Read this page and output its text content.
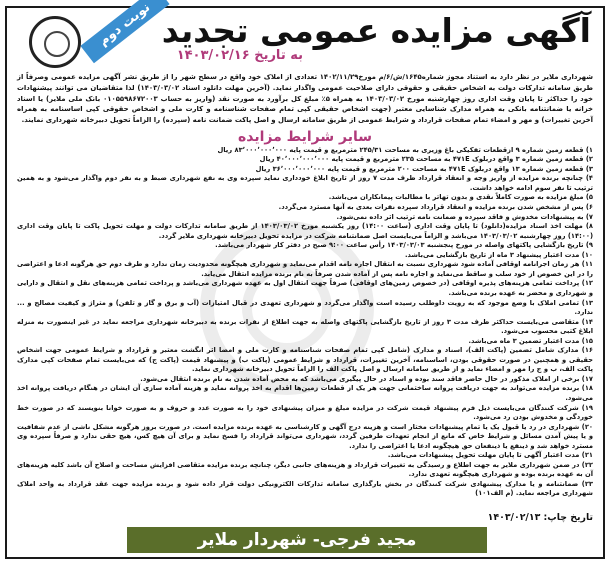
آگهی مزایده عمومی تجدید
به تاریخ ۱۴۰۳/۰۲/۱۶
نوبت دوم
شهرداری ملایر در نظر دارد به استناد مجوز شماره۱۶۴۵/ش/۶/م مورخ۱۴۰۲/۱۱/۲۹ تعدادی از املاک خود واقع در سطح شهر را از طریق نشر آگهی مزایده عمومی وصرفاً از طریق سامانه تدارکات دولت به اشخاص حقیقی و حقوقی دارای صلاحیت عمومی واگذار نماید. (آخرین مهلت دانلود اسناد ۱۴۰۳/۰۳/۰۲) لذا متقاضیان می توانند پیشنهادات خود را حداکثر تا پایان وقت اداری روز چهارشنبه مورخ ۱۴۰۳/۰۳/۰۲ به همراه ۵٪ مبلغ کل برآورد به صورت نقد (واریز به حساب ۰۱۰۵۵۹۸۶۷۲۰۰۳ بانک ملی ملایر) یا اسناد خزانه یا ضمانتنامه بانکی به همراه مدارک شناسایی معتبر (جهت اشخاص حقیقی کپی تمام صفحات شناسنامه و کارت ملی و اشخاص حقوقی کپی اساسنامه به همراه آخرین تغییرات) و مهر و امضاء تمام صفحات قرارداد و شرایط عمومی از طریق سامانه ارسال و اصل پاکت ضمانت نامه (سپرده) را الزاماً تحویل دبیرخانه شهرداری نمایند.
سایر شرایط مزایده
۱) قطعه زمین شماره ۹ ازقطعات تفکیکی باغ وزیری به مساحت ۲۴۵/۳۱ مترمربع و قیمت پایه ۸۳٬۰۰۰٬۰۰۰٬۰۰۰ ریال
۲) قطعه زمین شماره ۳ واقع دربلوک ۴۷۱E به مساحت ۲۳۵ مترمربع و قیمت پایه ۴۰٬۰۰۰٬۰۰۰٬۰۰۰ ریال
۳) قطعه زمین شماره ۱۳ واقع دربلوک ۴۷۱E به مساحت ۲۰۰ مترمربع و قیمت پایه ۳۶٬۰۰۰٬۰۰۰٬۰۰۰ ریال
۴) چنانچه برنده مزایده از واریز وجه و انعقاد قرارداد ظرف مدت ۷ روز از تاریخ ابلاغ خودداری نماید سپرده وی به نفع شهرداری ضبط و به نفر دوم واگذار می‌شود و به همین ترتیب تا نفر سوم ادامه خواهد داشت.
۵) مبلغ مزایده به صورت کاملاً نقدی و بدون تهاتر با مطالبات پیمانکاران می‌باشد.
۶) پس از مشخص شدن برنده مزایده و انعقاد قرارداد سپرده نفرات بعدی به آنها مسترد می‌گردد.
۷) به پیشنهادات مخدوش و فاقد سپرده و ضمانت نامه ترتیب اثر داده نمی‌شود.
۸) مهلت اخذ اسناد مزایده(دانلود) تا پایان وقت اداری (ساعت ۱۴:۰۰) روز یکشنبه مورخ ۱۴۰۳/۰۳/۰۲ از طریق سامانه تدارکات دولت و مهلت تحویل پاکت تا پایان وقت اداری (۱۴:۰۰) روز چهارشنبه ۱۴۰۳/۰۳/۰۲ می‌باشد و الزاماً می‌بایست اصل ضمانتنامه شرکت در مزایده تحویل دبیرخانه شهرداری ملایر گردد.
۹) تاریخ بازگشایی پاکتهای واصله در مورخ پنجشنبه ۱۴۰۳/۰۳/۰۳ رأس ساعت ۹:۰۰ صبح در دفتر کار شهردار می‌باشد.
۱۰) مدت اعتبار پیشنهاد ۳ ماه از تاریخ بازگشایی می‌باشد.
۱۱) هر زمان اجرانامه اوقافی آماده شود شهرداری نسبت به انتقال اجاره نامه اقدام می‌نماید و شهرداری هیچگونه محدودیت زمان ندارد و طرف دوم حق هرگونه ادعا و اعتراضی را در این خصوص از خود سلب و ساقط می‌نماید و اجاره نامه پس از آماده شدن صرفاً به نام برنده مزایده انتقال می‌یابد.
۱۲) پرداخت تمامی هزینه‌های پذیره اوقافی (در خصوص زمین‌های اوقافی) صرفاً جهت انتقال اول به عهده شهرداری می‌باشد و پرداخت تمامی هزینه‌های نقل و انتقال و دارایی و شهرداری و محضر به عهده برنده می‌باشد.
۱۳) تمامی املاک با وضع موجود که به رویت داوطلب رسیده است واگذار می‌گردد و شهرداری تعهدی در قبال امتیازات (آب و برق و گاز و تلفن) و متراژ و کیفیت مصالح و ... ندارد.
۱۴) متقاضی می‌بایست حداکثر ظرف مدت ۳ روز از تاریخ بازگشایی پاکتهای واصله به جهت اطلاع از نفرات برنده به دبیرخانه شهرداری مراجعه نماید در غیر اینصورت به منزله ابلاغ کتبی محسوب می‌شود.
۱۵) مدت اعتبار تضمین ۳ ماه می‌باشد.
۱۶) مدارک شامل تضمین (پاکت الف)، اسناد و مدارک (شامل کپی تمام صفحات شناسنامه و کارت ملی و امضا اثر انگشت معتبر و قرارداد و شرایط عمومی جهت اشخاص حقیقی و همچنین در صورت حقوقی بودن، اساسنامه، آخرین تغییرات، قرارداد و شرایط عمومی (پاکت ب) و پیشنهاد قیمت (پاکت ج) که می‌بایست تمام صفحات کپی مدارک پاکت الف، ب و ج را مهر و امضاء نماید و از طریق سامانه ارسال و اصل پاکت الف را الزاماً تحویل دبیرخانه شهرداری نماید.
۱۷) برخی از املاک مذکور در حال حاضر فاقد سند بوده و اسناد در حال پیگیری می‌باشد که به محض آماده شدن به نام برنده انتقال می‌شود.
۱۸) برنده مزایده می‌تواند به جهت دریافت پروانه ساختمانی جهت هر یک از قطعات زمین‌ها اقدام به اخذ پروانه نماید و هزینه آماده سازی آن ایشان در هنگام دریافت پروانه اخذ می‌شود.
۱۹) شرکت کنندگان می‌بایست ذیل فرم پیشنهاد قیمت شرکت در مزایده مبلغ و میزان پیشنهادی خود را به صورت عدد و حروف و به صورت خوانا بنویسند که در صورت خط خوردگی و مخدوش بودن رد می‌شود.
۲۰) شهرداری در رد یا قبول یک یا تمام پیشنهادات مختار است و هزینه درج آگهی و کارشناسی به عهده برنده مزایده است. در صورت بروز هرگونه مشکل ناشی از عدم شفافیت و یا پیش آمدن مسائل و شرایط خاص که مانع از انجام تعهدات طرفین گردد، شهرداری می‌تواند قرارداد را فسخ نماید و برای آن هیچ کس، هیچ حقی ندارد و صرفاً سپرده وی مسترد خواهد شد و ذینفع یا ذینفعان حق هیچگونه ادعا یا اعتراضی را ندارد.
۲۱) مدت اعتبار آگهی تا پایان مهلت تحویل پیشنهادات می‌باشد.
۲۲) در ضمن شهرداری ملایر به جهت اطلاع و رسیدگی به تغییرات قرارداد و هزینه‌های جانبی دیگر، چنانچه برنده مزایده متقاضی افزایش مساحت و اصلاح آن باشد کلیه هزینه‌های آن به عهده برنده بوده و شهرداری هیچگونه تعهدی ندارد.
۲۳) ضمانتنامه و یا مدارک پیشنهادی شرکت کنندگان در بخش بارگذاری سامانه تدارکات الکترونیکی دولت قرار داده شود و برنده مزایده جهت عقد قرارداد به واحد املاک شهرداری مراجعه نماید. (م الف۱۰۱)
تاریخ چاپ: ۱۴۰۳/۰۲/۱۳
مجید فرجی- شهردار ملایر
